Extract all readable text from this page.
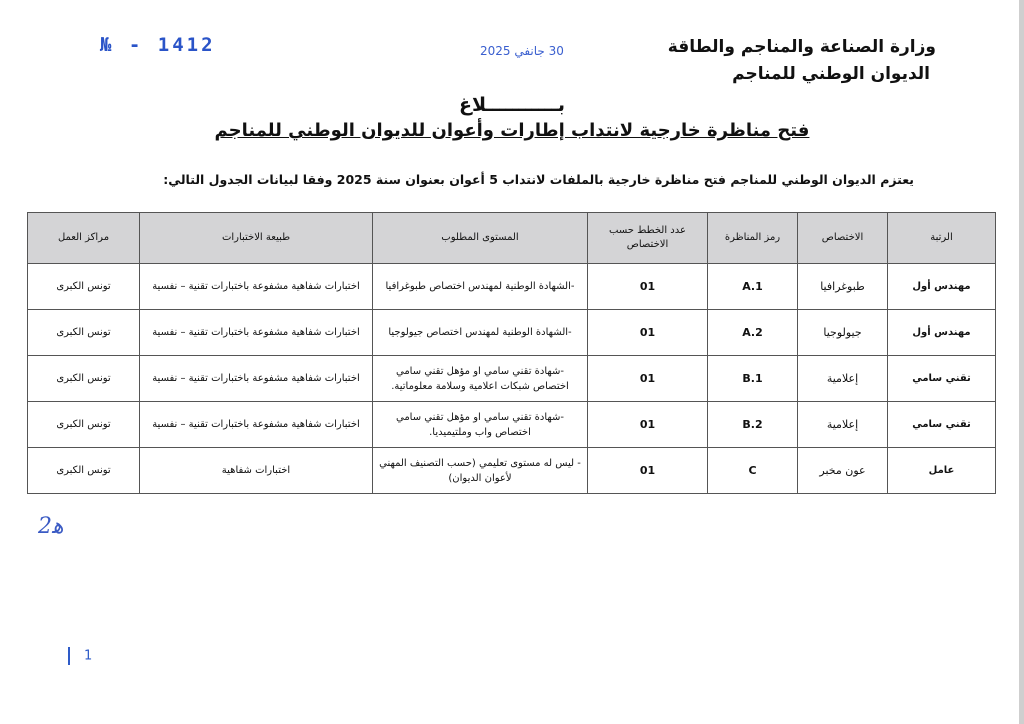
№ - 1412	30 جانفي 2025	وزارة الصناعة والمناجم والطاقة
الديوان الوطني للمناجم
بـــــــــــلاغ
فتح مناظرة خارجية لانتداب إطارات وأعوان للديوان الوطني للمناجم
يعتزم الديوان الوطني للمناجم فتح مناظرة خارجية بالملفات لانتداب 5 أعوان بعنوان سنة 2025 وفقا لبيانات الجدول التالي:
الرتبة	الاختصاص	رمز المناظرة	عدد الخطط حسب الاختصاص	المستوى المطلوب	طبيعة الاختبارات	مراكز العمل
مهندس أول	طبوغرافيا	A.1	01	-الشهادة الوطنية لمهندس اختصاص طبوغرافيا	اختبارات شفاهية مشفوعة باختبارات تقنية – نفسية	تونس الكبرى
مهندس أول	جيولوجيا	A.2	01	-الشهادة الوطنية لمهندس اختصاص جيولوجيا	اختبارات شفاهية مشفوعة باختبارات تقنية – نفسية	تونس الكبرى
تقني سامي	إعلامية	B.1	01	-شهادة تقني سامي او مؤهل تقني سامي اختصاص شبكات اعلامية وسلامة معلوماتية.	اختبارات شفاهية مشفوعة باختبارات تقنية – نفسية	تونس الكبرى
تقني سامي	إعلامية	B.2	01	-شهادة تقني سامي او مؤهل تقني سامي اختصاص واب وملتيميديا.	اختبارات شفاهية مشفوعة باختبارات تقنية – نفسية	تونس الكبرى
عامل	عون مخبر	C	01	- ليس له مستوى تعليمي (حسب التصنيف المهني لأعوان الديوان)	اختبارات شفاهية	تونس الكبرى
ﻫ2
1
